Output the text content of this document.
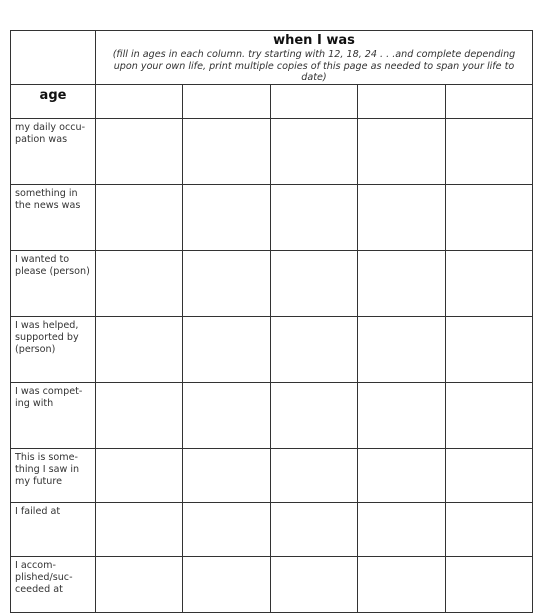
	when I was
(fill in ages in each column. try starting with 12, 18, 24 . . .and complete depending upon your own life, print multiple copies of this page as needed to span your life to date)				

age					

my daily occu-
pation was					

something in
the news was					

I wanted to
please (person)					

I was helped,
supported by
(person)					

I was compet-
ing with					

This is some-
thing I saw in
my future					

I failed at					

I accom-
plished/suc-
ceeded at					
